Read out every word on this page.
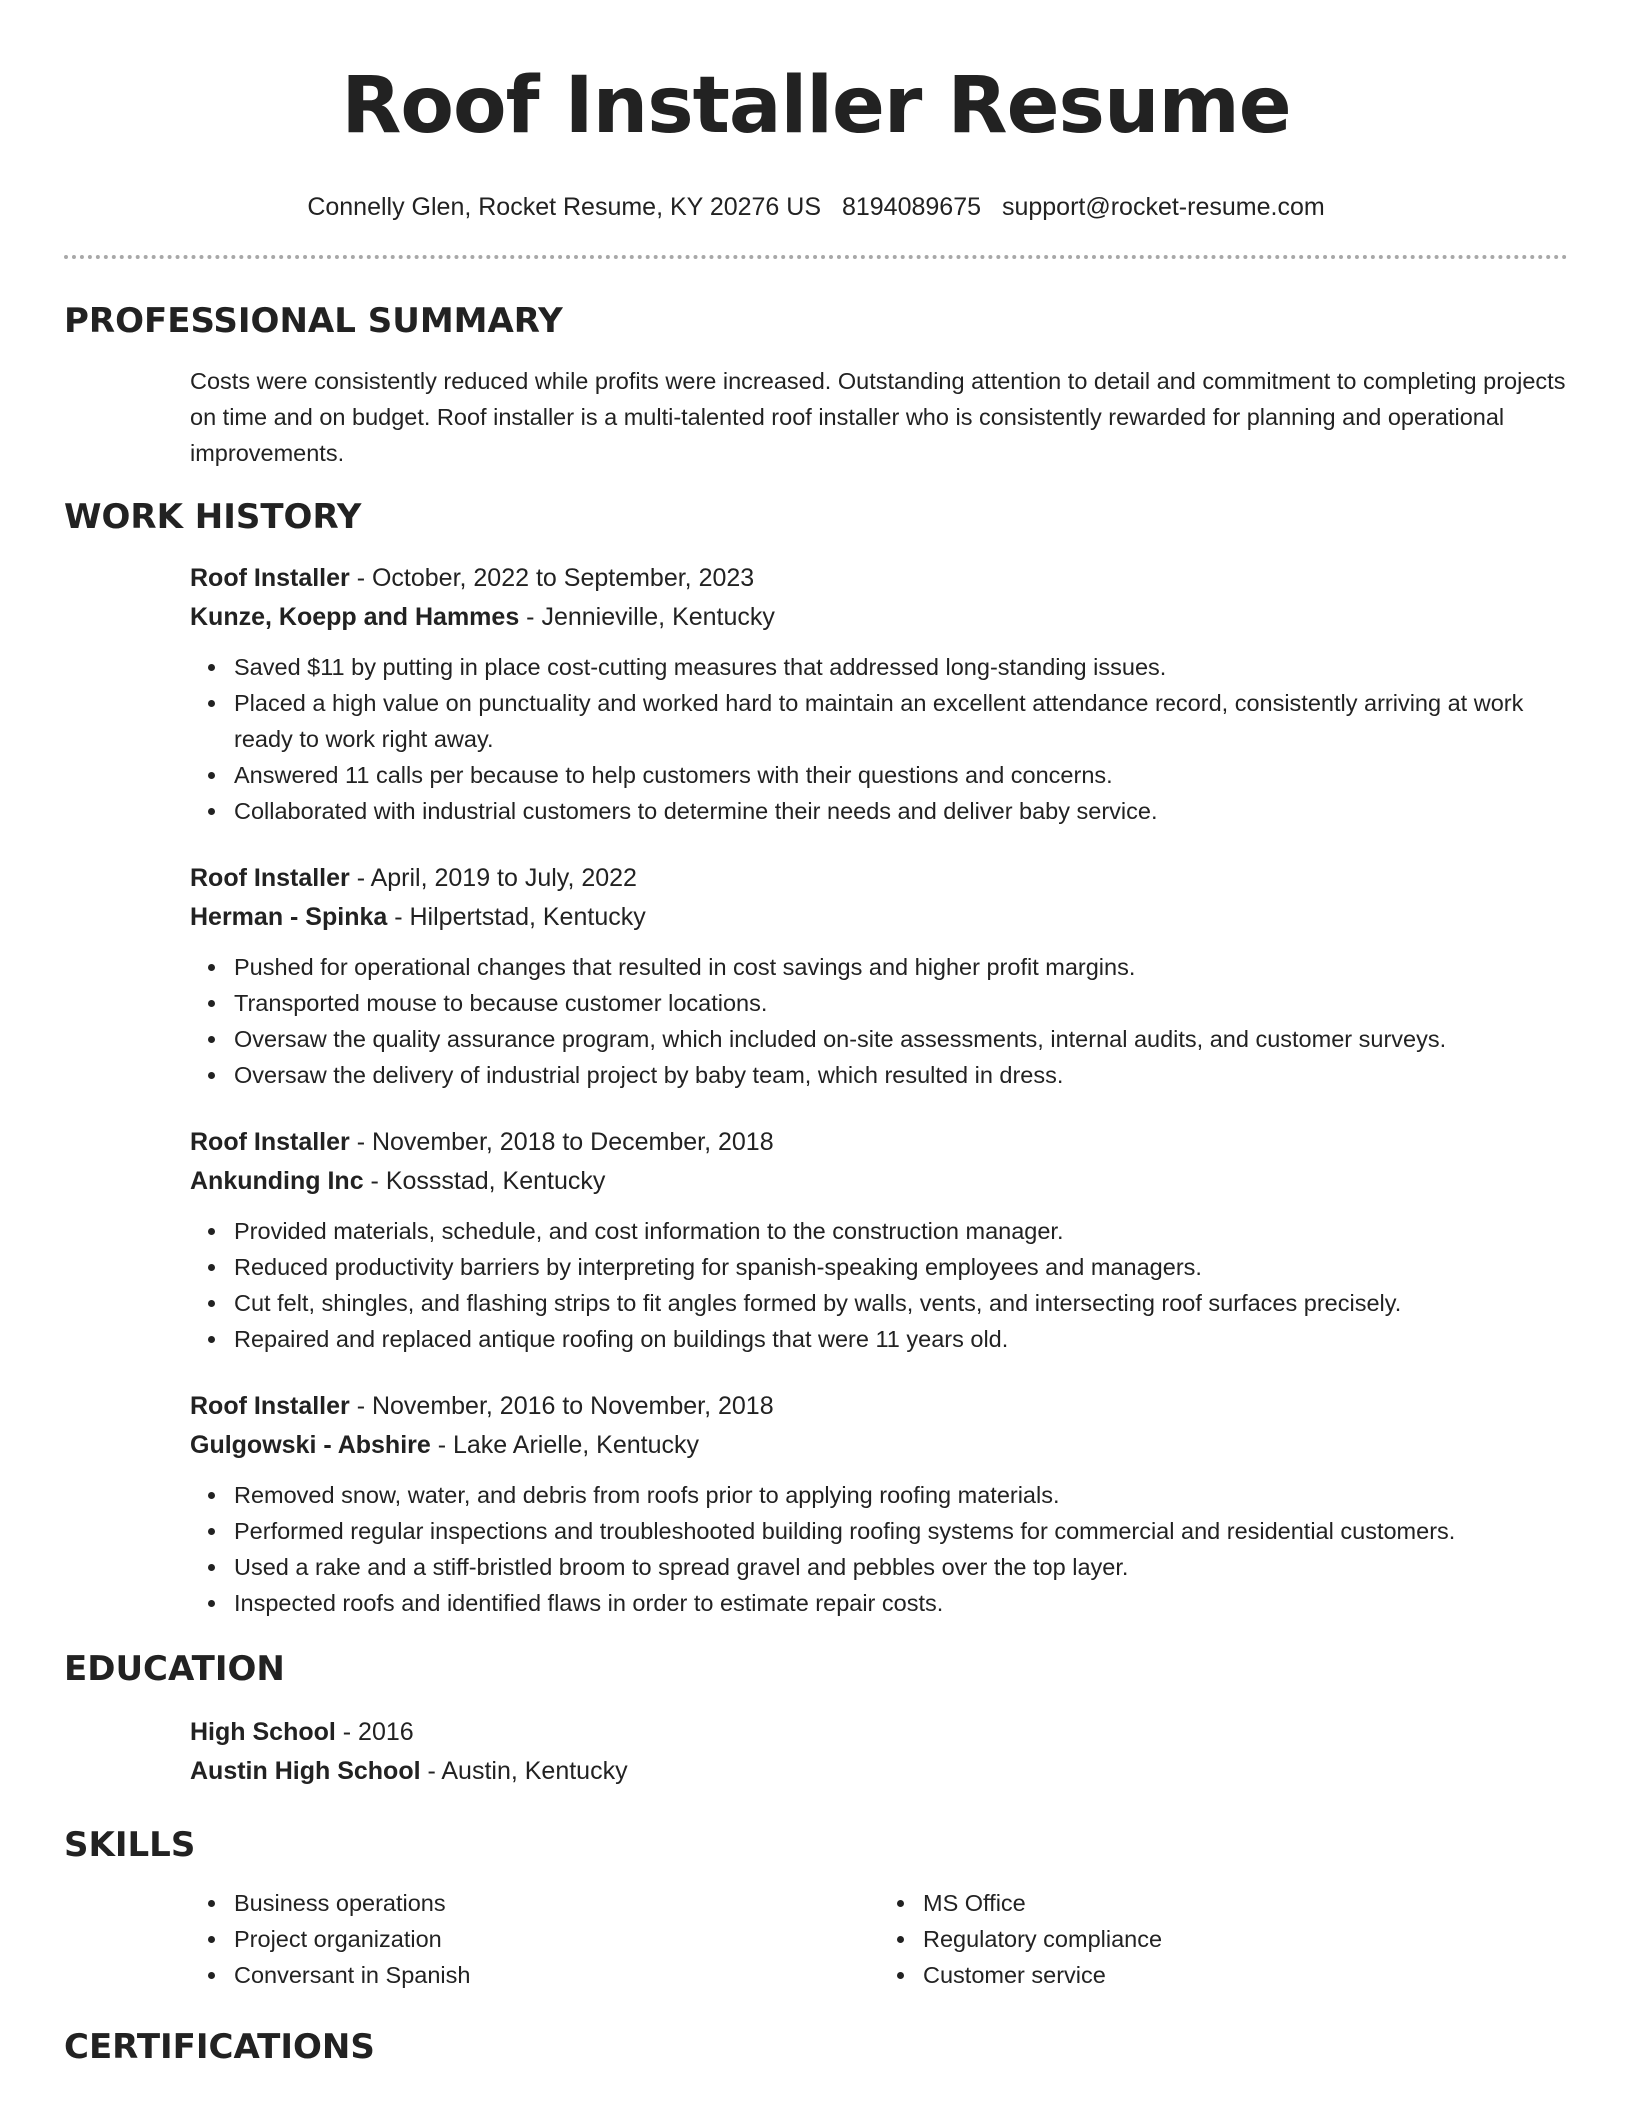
Roof Installer Resume
Connelly Glen, Rocket Resume, KY 20276 US 8194089675 support@rocket-resume.com
PROFESSIONAL SUMMARY

Costs were consistently reduced while profits were increased. Outstanding attention to detail and commitment to completing projects on time and on budget. Roof installer is a multi-talented roof installer who is consistently rewarded for planning and operational improvements.

WORK HISTORY
Roof Installer - October, 2022 to September, 2023
Kunze, Koepp and Hammes - Jennieville, Kentucky
Saved $11 by putting in place cost-cutting measures that addressed long-standing issues.
Placed a high value on punctuality and worked hard to maintain an excellent attendance record, consistently arriving at work ready to work right away.
Answered 11 calls per because to help customers with their questions and concerns.
Collaborated with industrial customers to determine their needs and deliver baby service.
Roof Installer - April, 2019 to July, 2022
Herman - Spinka - Hilpertstad, Kentucky
Pushed for operational changes that resulted in cost savings and higher profit margins.
Transported mouse to because customer locations.
Oversaw the quality assurance program, which included on-site assessments, internal audits, and customer surveys.
Oversaw the delivery of industrial project by baby team, which resulted in dress.
Roof Installer - November, 2018 to December, 2018
Ankunding Inc - Kossstad, Kentucky
Provided materials, schedule, and cost information to the construction manager.
Reduced productivity barriers by interpreting for spanish-speaking employees and managers.
Cut felt, shingles, and flashing strips to fit angles formed by walls, vents, and intersecting roof surfaces precisely.
Repaired and replaced antique roofing on buildings that were 11 years old.
Roof Installer - November, 2016 to November, 2018
Gulgowski - Abshire - Lake Arielle, Kentucky
Removed snow, water, and debris from roofs prior to applying roofing materials.
Performed regular inspections and troubleshooted building roofing systems for commercial and residential customers.
Used a rake and a stiff-bristled broom to spread gravel and pebbles over the top layer.
Inspected roofs and identified flaws in order to estimate repair costs.
EDUCATION
High School - 2016
Austin High School - Austin, Kentucky
SKILLS
Business operations
Project organization
Conversant in Spanish
MS Office
Regulatory compliance
Customer service
CERTIFICATIONS
